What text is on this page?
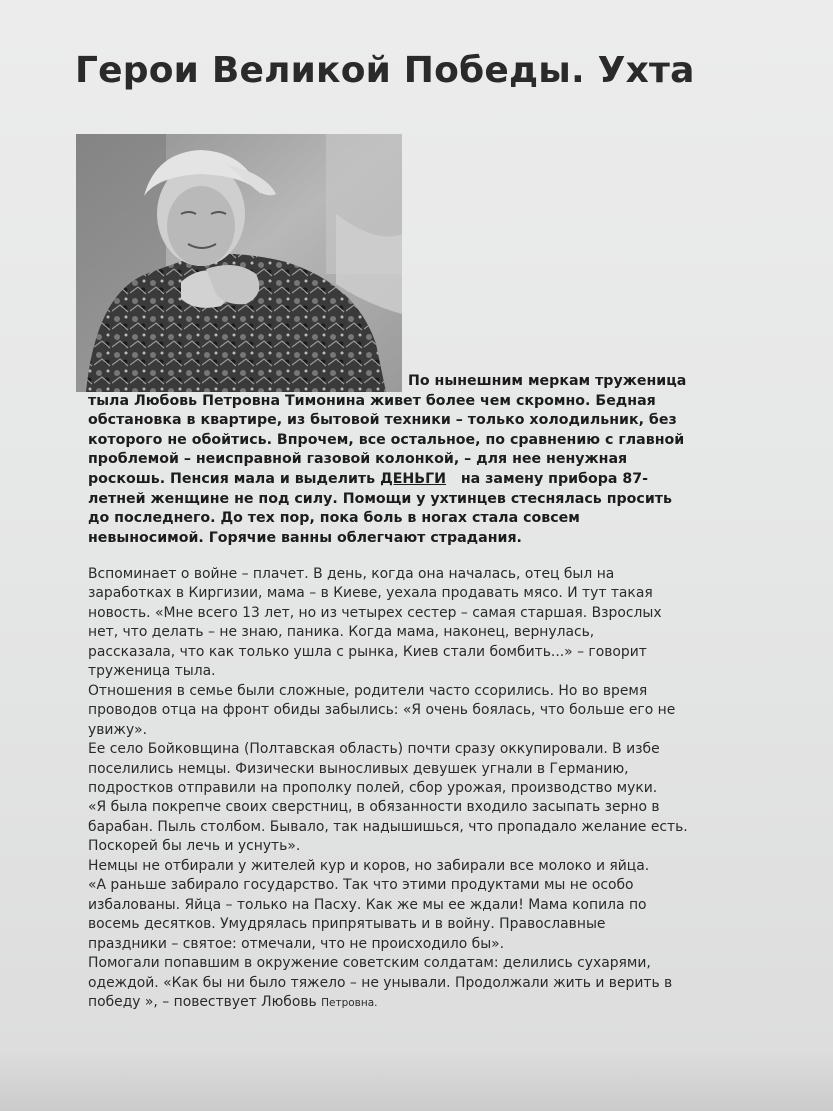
Герои Великой Победы. Ухта
По нынешним меркам труженица
тыла Любовь Петровна Тимонина живет более чем скромно. Бедная
обстановка в квартире, из бытовой техники – только холодильник, без
которого не обойтись. Впрочем, все остальное, по сравнению с главной
проблемой – неисправной газовой колонкой, – для нее ненужная
роскошь. Пенсия мала и выделить ДЕНЬГИ   на замену прибора 87-
летней женщине не под силу. Помощи у ухтинцев стеснялась просить
до последнего. До тех пор, пока боль в ногах стала совсем
невыносимой. Горячие ванны облегчают страдания.
Вспоминает о войне – плачет. В день, когда она началась, отец был на
заработках в Киргизии, мама – в Киеве, уехала продавать мясо. И тут такая
новость. «Мне всего 13 лет, но из четырех сестер – самая старшая. Взрослых
нет, что делать – не знаю, паника. Когда мама, наконец, вернулась,
рассказала, что как только ушла с рынка, Киев стали бомбить...» – говорит
труженица тыла.
Отношения в семье были сложные, родители часто ссорились. Но во время
проводов отца на фронт обиды забылись: «Я очень боялась, что больше его не
увижу».
Ее село Бойковщина (Полтавская область) почти сразу оккупировали. В избе
поселились немцы. Физически выносливых девушек угнали в Германию,
подростков отправили на прополку полей, сбор урожая, производство муки.
«Я была покрепче своих сверстниц, в обязанности входило засыпать зерно в
барабан. Пыль столбом. Бывало, так надышишься, что пропадало желание есть.
Поскорей бы лечь и уснуть».
Немцы не отбирали у жителей кур и коров, но забирали все молоко и яйца.
«А раньше забирало государство. Так что этими продуктами мы не особо
избалованы. Яйца – только на Пасху. Как же мы ее ждали! Мама копила по
восемь десятков. Умудрялась припрятывать и в войну. Православные
праздники – святое: отмечали, что не происходило бы».
Помогали попавшим в окружение советским солдатам: делились сухарями,
одеждой. «Как бы ни было тяжело – не унывали. Продолжали жить и верить в
победу », – повествует Любовь Петровна.
